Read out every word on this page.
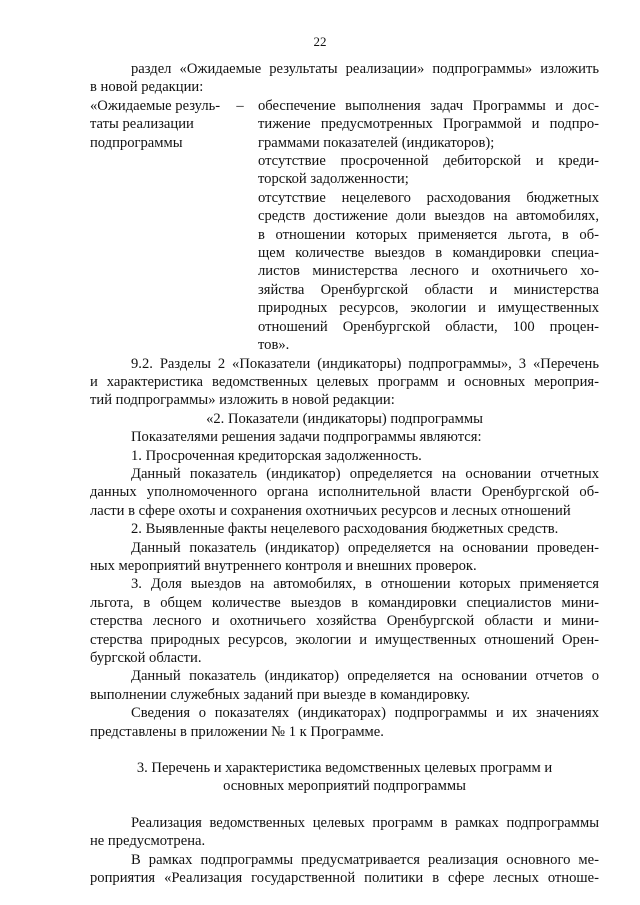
22
раздел «Ожидаемые результаты реализации» подпрограммы» изложить
в новой редакции:
«Ожидаемые резуль-
таты реализации
подпрограммы
– обеспечение выполнения задач Программы и дос-
тижение предусмотренных Программой и подпро-
граммами показателей (индикаторов);
отсутствие просроченной дебиторской и креди-
торской задолженности;
отсутствие нецелевого расходования бюджетных
средств достижение доли выездов на автомобилях,
в отношении которых применяется льгота, в об-
щем количестве выездов в командировки специа-
листов министерства лесного и охотничьего хо-
зяйства Оренбургской области и министерства
природных ресурсов, экологии и имущественных
отношений Оренбургской области, 100 процен-
тов».
9.2. Разделы 2 «Показатели (индикаторы) подпрограммы», 3 «Перечень
и характеристика ведомственных целевых программ и основных мероприя-
тий подпрограммы» изложить в новой редакции:
«2. Показатели (индикаторы) подпрограммы
Показателями решения задачи подпрограммы являются:
1. Просроченная кредиторская задолженность.
Данный показатель (индикатор) определяется на основании отчетных
данных уполномоченного органа исполнительной власти Оренбургской об-
ласти в сфере охоты и сохранения охотничьих ресурсов и лесных отношений
2. Выявленные факты нецелевого расходования бюджетных средств.
Данный показатель (индикатор) определяется на основании проведен-
ных мероприятий внутреннего контроля и внешних проверок.
3. Доля выездов на автомобилях, в отношении которых применяется
льгота, в общем количестве выездов в командировки специалистов мини-
стерства лесного и охотничьего хозяйства Оренбургской области и мини-
стерства природных ресурсов, экологии и имущественных отношений Орен-
бургской области.
Данный показатель (индикатор) определяется на основании отчетов о
выполнении служебных заданий при выезде в командировку.
Сведения о показателях (индикаторах) подпрограммы и их значениях
представлены в приложении № 1 к Программе.
3. Перечень и характеристика ведомственных целевых программ и
основных мероприятий подпрограммы
Реализация ведомственных целевых программ в рамках подпрограммы
не предусмотрена.
В рамках подпрограммы предусматривается реализация основного ме-
роприятия «Реализация государственной политики в сфере лесных отноше-
